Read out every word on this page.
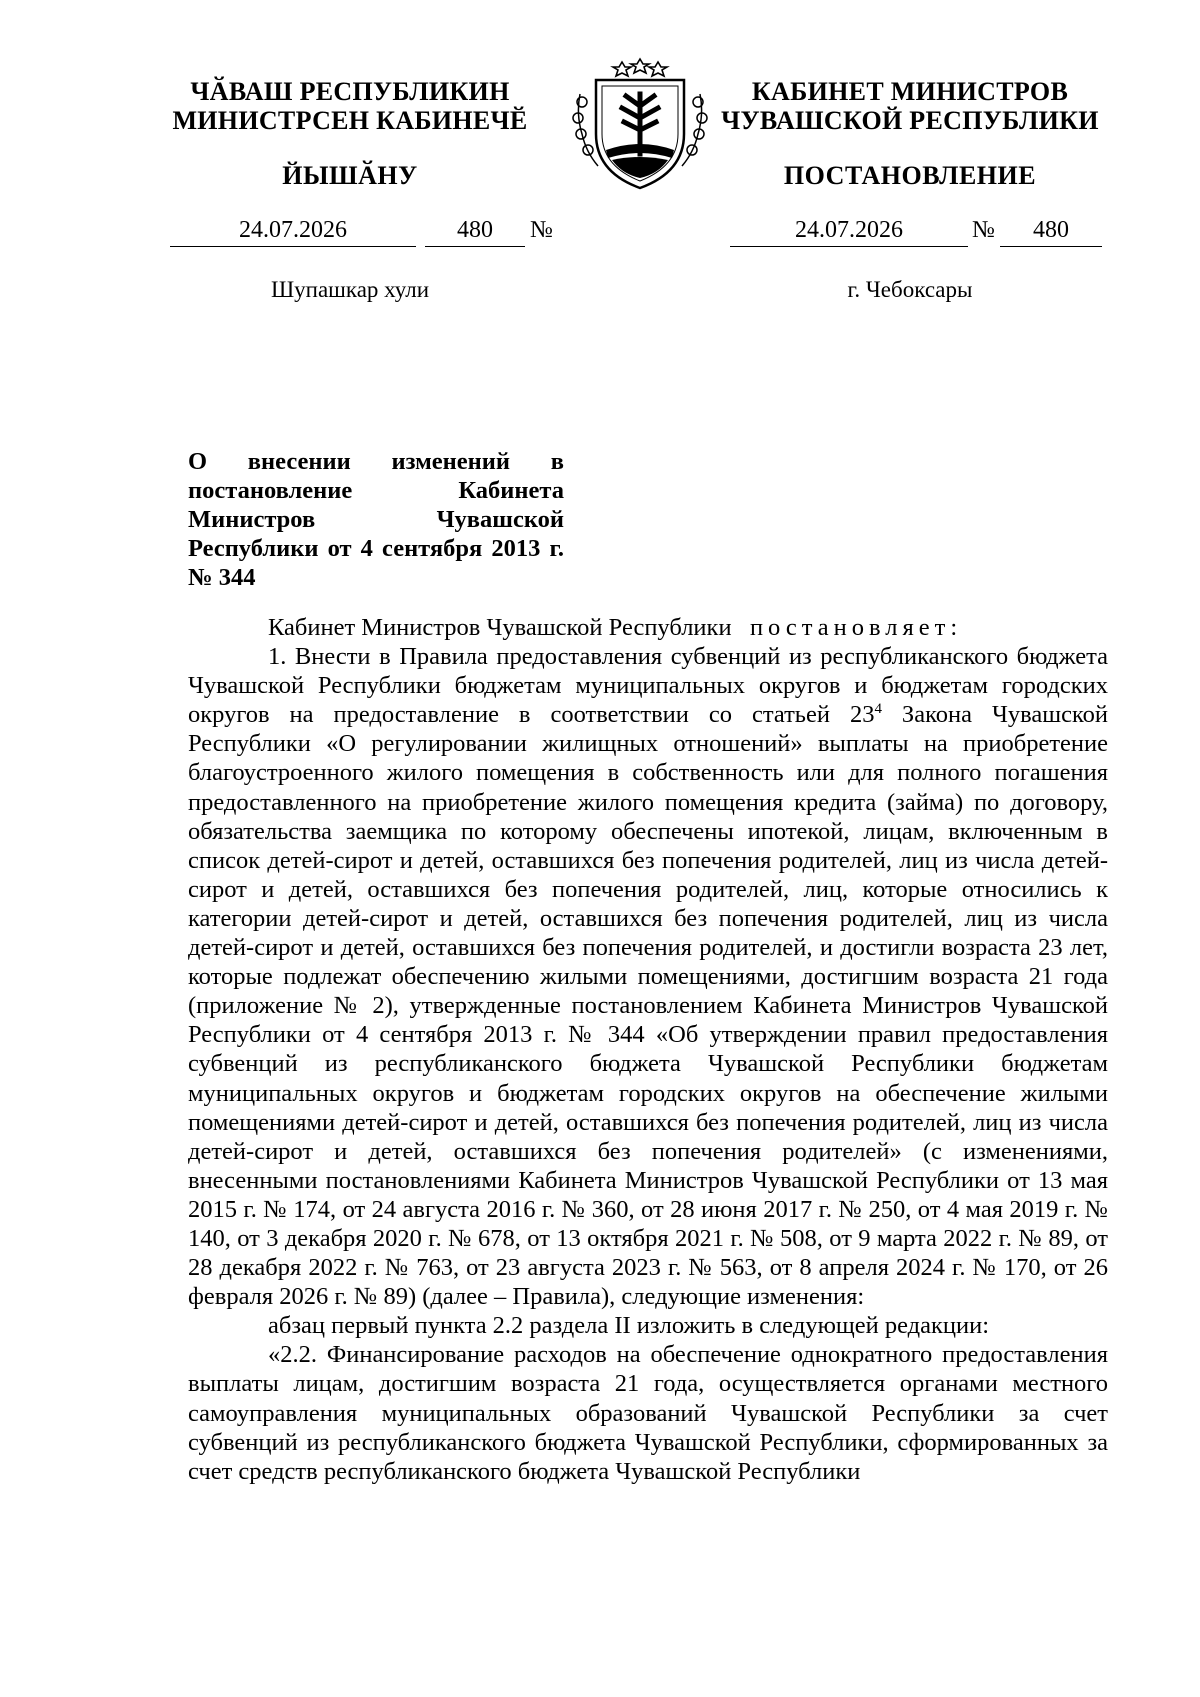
ЧӐВАШ РЕСПУБЛИКИН
МИНИСТРСЕН КАБИНЕЧӖ
ЙЫШӐНУ
КАБИНЕТ МИНИСТРОВ
ЧУВАШСКОЙ РЕСПУБЛИКИ
ПОСТАНОВЛЕНИЕ
24.07.2026	480	№	24.07.2026	№	480
Шупашкар хули	г. Чебоксары
О внесении изменений в постановление Кабинета Министров Чувашской Республики от 4 сентября 2013 г. № 344

Кабинет Министров Чувашской Республики постановляет:

1. Внести в Правила предоставления субвенций из республиканского бюджета Чувашской Республики бюджетам муниципальных округов и бюджетам городских округов на предоставление в соответствии со статьей $23^4$ Закона Чувашской Республики «О регулировании жилищных отношений» выплаты на приобретение благоустроенного жилого помещения в собственность или для полного погашения предоставленного на приобретение жилого помещения кредита (займа) по договору, обязательства заемщика по которому обеспечены ипотекой, лицам, включенным в список детей-сирот и детей, оставшихся без попечения родителей, лиц из числа детей-сирот и детей, оставшихся без попечения родителей, лиц, которые относились к категории детей-сирот и детей, оставшихся без попечения родителей, лиц из числа детей-сирот и детей, оставшихся без попечения родителей, и достигли возраста 23 лет, которые подлежат обеспечению жилыми помещениями, достигшим возраста 21 года (приложение № 2), утвержденные постановлением Кабинета Министров Чувашской Республики от 4 сентября 2013 г. № 344 «Об утверждении правил предоставления субвенций из республиканского бюджета Чувашской Республики бюджетам муниципальных округов и бюджетам городских округов на обеспечение жилыми помещениями детей-сирот и детей, оставшихся без попечения родителей, лиц из числа детей-сирот и детей, оставшихся без попечения родителей» (с изменениями, внесенными постановлениями Кабинета Министров Чувашской Республики от 13 мая 2015 г. № 174, от 24 августа 2016 г. № 360, от 28 июня 2017 г. № 250, от 4 мая 2019 г. № 140, от 3 декабря 2020 г. № 678, от 13 октября 2021 г. № 508, от 9 марта 2022 г. № 89, от 28 декабря 2022 г. № 763, от 23 августа 2023 г. № 563, от 8 апреля 2024 г. № 170, от 26 февраля 2026 г. № 89) (далее – Правила), следующие изменения:

абзац первый пункта 2.2 раздела II изложить в следующей редакции:

«2.2. Финансирование расходов на обеспечение однократного предоставления выплаты лицам, достигшим возраста 21 года, осуществляется органами местного самоуправления муниципальных образований Чувашской Республики за счет субвенций из республиканского бюджета Чувашской Республики, сформированных за счет средств республиканского бюджета Чувашской Республики
